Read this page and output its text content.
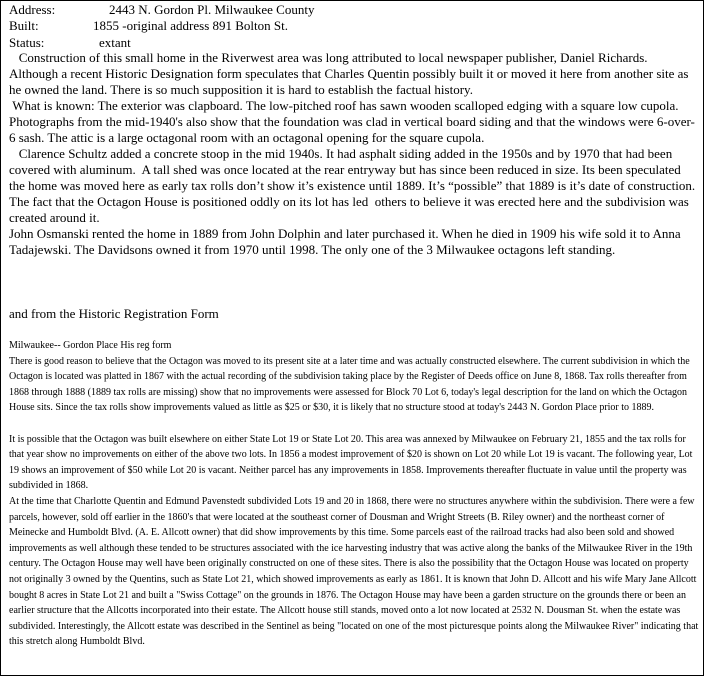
Address:	2443 N. Gordon Pl. Milwaukee County
Built:	1855 -original address 891 Bolton St.
Status:	extant

Construction of this small home in the Riverwest area was long attributed to local newspaper publisher, Daniel Richards. Although a recent Historic Designation form speculates that Charles Quentin possibly built it or moved it here from another site as he owned the land. There is so much supposition it is hard to establish the factual history.

What is known: The exterior was clapboard. The low-pitched roof has sawn wooden scalloped edging with a square low cupola.  Photographs from the mid-1940's also show that the foundation was clad in vertical board siding and that the windows were 6-over-6 sash. The attic is a large octagonal room with an octagonal opening for the square cupola.

Clarence Schultz added a concrete stoop in the mid 1940s. It had asphalt siding added in the 1950s and by 1970 that had been covered with aluminum.  A tall shed was once located at the rear entryway but has since been reduced in size. Its been speculated the home was moved here as early tax rolls don’t show it’s existence until 1889. It’s “possible” that 1889 is it’s date of construction. The fact that the Octagon House is positioned oddly on its lot has led  others to believe it was erected here and the subdivision was created around it.

John Osmanski rented the home in 1889 from John Dolphin and later purchased it. When he died in 1909 his wife sold it to Anna Tadajewski. The Davidsons owned it from 1970 until 1998. The only one of the 3 Milwaukee octagons left standing.

and from the Historic Registration Form

Milwaukee-- Gordon Place His reg form

There is good reason to believe that the Octagon was moved to its present site at a later time and was actually constructed elsewhere. The current subdivision in which the Octagon is located was platted in 1867 with the actual recording of the subdivision taking place by the Register of Deeds office on June 8, 1868. Tax rolls thereafter from 1868 through 1888 (1889 tax rolls are missing) show that no improvements were assessed for Block 70 Lot 6, today's legal description for the land on which the Octagon House sits. Since the tax rolls show improvements valued as little as $25 or $30, it is likely that no structure stood at today's 2443 N. Gordon Place prior to 1889.

It is possible that the Octagon was built elsewhere on either State Lot 19 or State Lot 20. This area was annexed by Milwaukee on February 21, 1855 and the tax rolls for that year show no improvements on either of the above two lots. In 1856 a modest improvement of $20 is shown on Lot 20 while Lot 19 is vacant. The following year, Lot 19 shows an improvement of $50 while Lot 20 is vacant. Neither parcel has any improvements in 1858. Improvements thereafter fluctuate in value until the property was subdivided in 1868.

At the time that Charlotte Quentin and Edmund Pavenstedt subdivided Lots 19 and 20 in 1868, there were no structures anywhere within the subdivision. There were a few parcels, however, sold off earlier in the 1860's that were located at the southeast corner of Dousman and Wright Streets (B. Riley owner) and the northeast corner of Meinecke and Humboldt Blvd. (A. E. Allcott owner) that did show improvements by this time. Some parcels east of the railroad tracks had also been sold and showed improvements as well although these tended to be structures associated with the ice harvesting industry that was active along the banks of the Milwaukee River in the 19th century. The Octagon House may well have been originally constructed on one of these sites. There is also the possibility that the Octagon House was located on property not originally 3 owned by the Quentins, such as State Lot 21, which showed improvements as early as 1861. It is known that John D. Allcott and his wife Mary Jane Allcott bought 8 acres in State Lot 21 and built a "Swiss Cottage" on the grounds in 1876. The Octagon House may have been a garden structure on the grounds there or been an earlier structure that the Allcotts incorporated into their estate. The Allcott house still stands, moved onto a lot now located at 2532 N. Dousman St. when the estate was subdivided. Interestingly, the Allcott estate was described in the Sentinel as being "located on one of the most picturesque points along the Milwaukee River" indicating that this stretch along Humboldt Blvd.
